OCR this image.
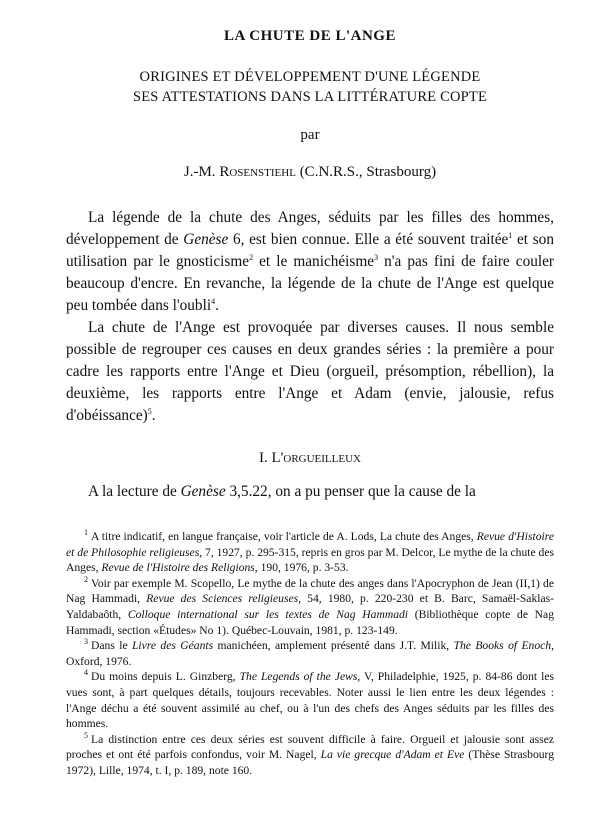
LA CHUTE DE L'ANGE
ORIGINES ET DÉVELOPPEMENT D'UNE LÉGENDE
SES ATTESTATIONS DANS LA LITTÉRATURE COPTE
par
J.-M. Rosenstiehl (C.N.R.S., Strasbourg)

La légende de la chute des Anges, séduits par les filles des hommes, développement de Genèse 6, est bien connue. Elle a été souvent traitée$^1$ et son utilisation par le gnosticisme$^2$ et le manichéisme$^3$ n'a pas fini de faire couler beaucoup d'encre. En revanche, la légende de la chute de l'Ange est quelque peu tombée dans l'oubli$^4$.

La chute de l'Ange est provoquée par diverses causes. Il nous semble possible de regrouper ces causes en deux grandes séries : la première a pour cadre les rapports entre l'Ange et Dieu (orgueil, présomption, rébellion), la deuxième, les rapports entre l'Ange et Adam (envie, jalousie, refus d'obéissance)$^5$.

I. L'orgueilleux

A la lecture de Genèse 3,5.22, on a pu penser que la cause de la

$^1$ A titre indicatif, en langue française, voir l'article de A. Lods, La chute des Anges, Revue d'Histoire et de Philosophie religieuses, 7, 1927, p. 295-315, repris en gros par M. Delcor, Le mythe de la chute des Anges, Revue de l'Histoire des Religions, 190, 1976, p. 3-53.

$^2$ Voir par exemple M. Scopello, Le mythe de la chute des anges dans l'Apocryphon de Jean (II,1) de Nag Hammadi, Revue des Sciences religieuses, 54, 1980, p. 220-230 et B. Barc, Samaël-Saklas-Yaldabaôth, Colloque international sur les textes de Nag Hammadi (Bibliothèque copte de Nag Hammadi, section «Études» No 1). Québec-Louvain, 1981, p. 123-149.

$^3$ Dans le Livre des Géants manichéen, amplement présenté dans J.T. Milik, The Books of Enoch, Oxford, 1976.

$^4$ Du moins depuis L. Ginzberg, The Legends of the Jews, V, Philadelphie, 1925, p. 84-86 dont les vues sont, à part quelques détails, toujours recevables. Noter aussi le lien entre les deux légendes : l'Ange déchu a été souvent assimilé au chef, ou à l'un des chefs des Anges séduits par les filles des hommes.

$^5$ La distinction entre ces deux séries est souvent difficile à faire. Orgueil et jalousie sont assez proches et ont été parfois confondus, voir M. Nagel, La vie grecque d'Adam et Eve (Thèse Strasbourg 1972), Lille, 1974, t. I, p. 189, note 160.
